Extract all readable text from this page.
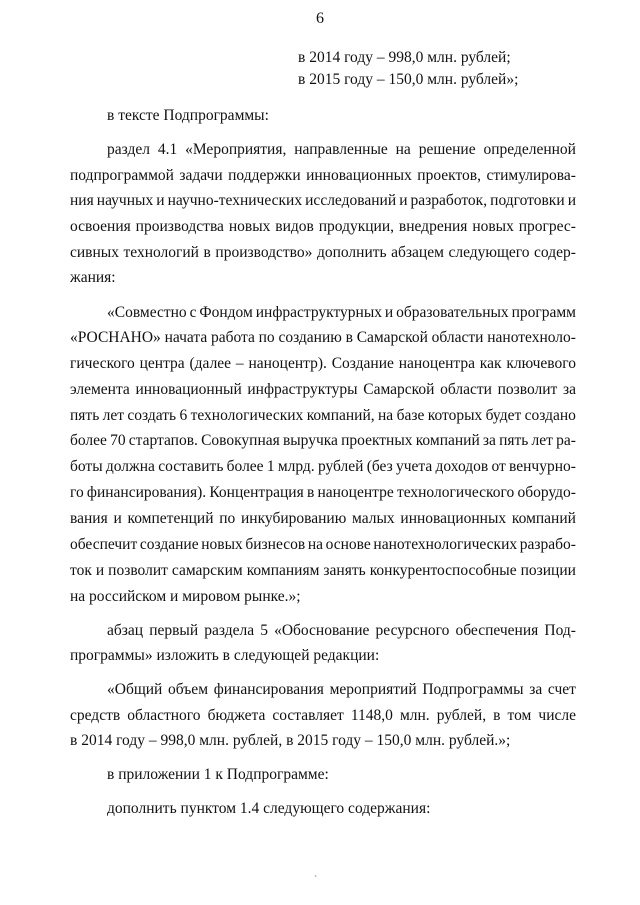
6
в 2014 году – 998,0 млн. рублей;
в 2015 году – 150,0 млн. рублей»;
в тексте Подпрограммы:
раздел 4.1 «Мероприятия, направленные на решение определенной
подпрограммой задачи поддержки инновационных проектов, стимулирова-
ния научных и научно-технических исследований и разработок, подготовки и
освоения производства новых видов продукции, внедрения новых прогрес-
сивных технологий в производство» дополнить абзацем следующего содер-
жания:
«Совместно с Фондом инфраструктурных и образовательных программ
«РОСНАНО» начата работа по созданию в Самарской области нанотехноло-
гического центра (далее – наноцентр). Создание наноцентра как ключевого
элемента инновационный инфраструктуры Самарской области позволит за
пять лет создать 6 технологических компаний, на базе которых будет создано
более 70 стартапов. Совокупная выручка проектных компаний за пять лет ра-
боты должна составить более 1 млрд. рублей (без учета доходов от венчурно-
го финансирования). Концентрация в наноцентре технологического оборудо-
вания и компетенций по инкубированию малых инновационных компаний
обеспечит создание новых бизнесов на основе нанотехнологических разрабо-
ток и позволит самарским компаниям занять конкурентоспособные позиции
на российском и мировом рынке.»;
абзац первый раздела 5 «Обоснование ресурсного обеспечения Под-
программы» изложить в следующей редакции:
«Общий объем финансирования мероприятий Подпрограммы за счет
средств областного бюджета составляет 1148,0 млн. рублей, в том числе
в 2014 году – 998,0 млн. рублей, в 2015 году – 150,0 млн. рублей.»;
в приложении 1 к Подпрограмме:
дополнить пунктом 1.4 следующего содержания:
`
